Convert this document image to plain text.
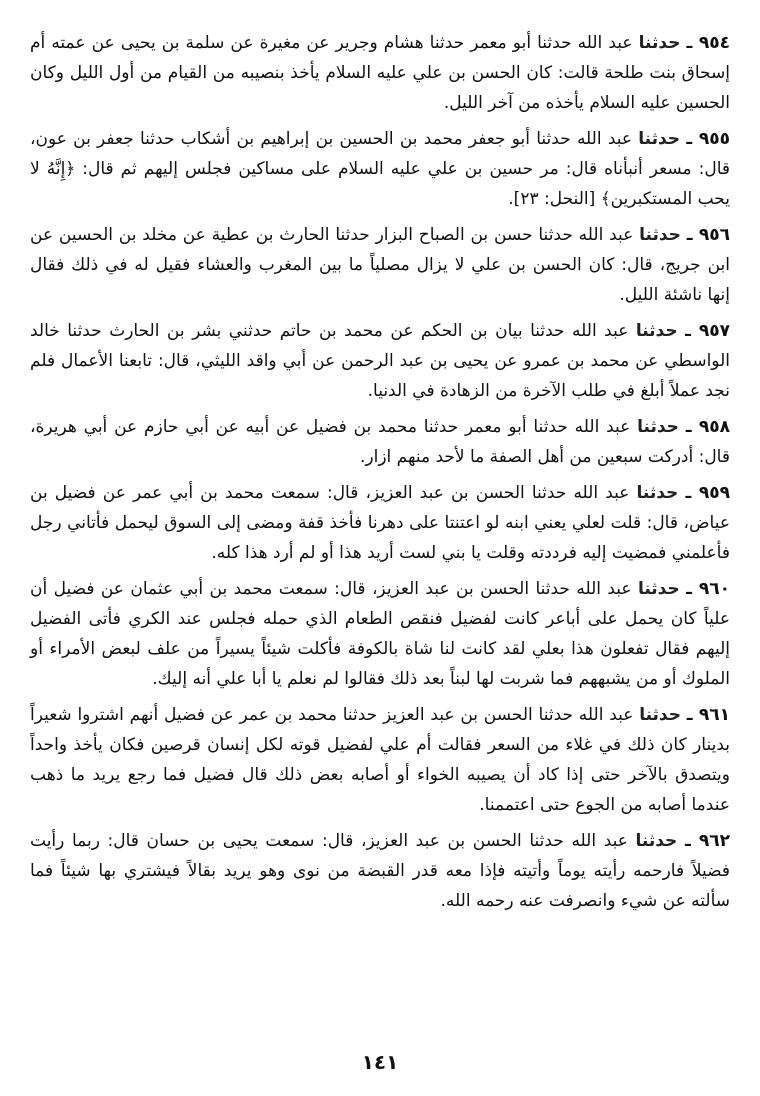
٩٥٤ ـ حدثنا عبد الله حدثنا أبو معمر حدثنا هشام وجرير عن مغيرة عن سلمة بن يحيى عن عمته أم إسحاق بنت طلحة قالت: كان الحسن بن علي عليه السلام يأخذ بنصيبه من القيام من أول الليل وكان الحسين عليه السلام يأخذه من آخر الليل.

٩٥٥ ـ حدثنا عبد الله حدثنا أبو جعفر محمد بن الحسين بن إبراهيم بن أشكاب حدثنا جعفر بن عون، قال: مسعر أنبأناه قال: مر حسين بن علي عليه السلام على مساكين فجلس إليهم ثم قال: ﴿إِنَّهُ لا يحب المستكبرين﴾ [النحل: ٢٣].

٩٥٦ ـ حدثنا عبد الله حدثنا حسن بن الصباح البزار حدثنا الحارث بن عطية عن مخلد بن الحسين عن ابن جريج، قال: كان الحسن بن علي لا يزال مصلياً ما بين المغرب والعشاء فقيل له في ذلك فقال إنها ناشئة الليل.

٩٥٧ ـ حدثنا عبد الله حدثنا بيان بن الحكم عن محمد بن حاتم حدثني بشر بن الحارث حدثنا خالد الواسطي عن محمد بن عمرو عن يحيى بن عبد الرحمن عن أبي واقد الليثي، قال: تابعنا الأعمال فلم نجد عملاً أبلغ في طلب الآخرة من الزهادة في الدنيا.

٩٥٨ ـ حدثنا عبد الله حدثنا أبو معمر حدثنا محمد بن فضيل عن أبيه عن أبي حازم عن أبي هريرة، قال: أدركت سبعين من أهل الصفة ما لأحد منهم ازار.

٩٥٩ ـ حدثنا عبد الله حدثنا الحسن بن عبد العزيز، قال: سمعت محمد بن أبي عمر عن فضيل بن عياض، قال: قلت لعلي يعني ابنه لو اعتنتا على دهرنا فأخذ قفة ومضى إلى السوق ليحمل فأتاني رجل فأعلمني فمضيت إليه فرددته وقلت يا بني لست أريد هذا أو لم أرد هذا كله.

٩٦٠ ـ حدثنا عبد الله حدثنا الحسن بن عبد العزيز، قال: سمعت محمد بن أبي عثمان عن فضيل أن علياً كان يحمل على أباعر كانت لفضيل فنقص الطعام الذي حمله فجلس عند الكري فأتى الفضيل إليهم فقال تفعلون هذا بعلي لقد كانت لنا شاة بالكوفة فأكلت شيئاً يسيراً من علف لبعض الأمراء أو الملوك أو من يشبههم فما شربت لها لبناً بعد ذلك فقالوا لم نعلم يا أبا علي أنه إليك.

٩٦١ ـ حدثنا عبد الله حدثنا الحسن بن عبد العزيز حدثنا محمد بن عمر عن فضيل أنهم اشتروا شعيراً بدينار كان ذلك في غلاء من السعر فقالت أم علي لفضيل قوته لكل إنسان قرصين فكان يأخذ واحداً ويتصدق بالآخر حتى إذا كاد أن يصيبه الخواء أو أصابه بعض ذلك قال فضيل فما رجع يريد ما ذهب عندما أصابه من الجوع حتى اعتممنا.

٩٦٢ ـ حدثنا عبد الله حدثنا الحسن بن عبد العزيز، قال: سمعت يحيى بن حسان قال: ربما رأيت فضيلاً فارحمه رأيته يوماً وأتيته فإذا معه قدر القبضة من نوى وهو يريد بقالاً فيشتري بها شيئاً فما سألته عن شيء وانصرفت عنه رحمه الله.

١٤١
